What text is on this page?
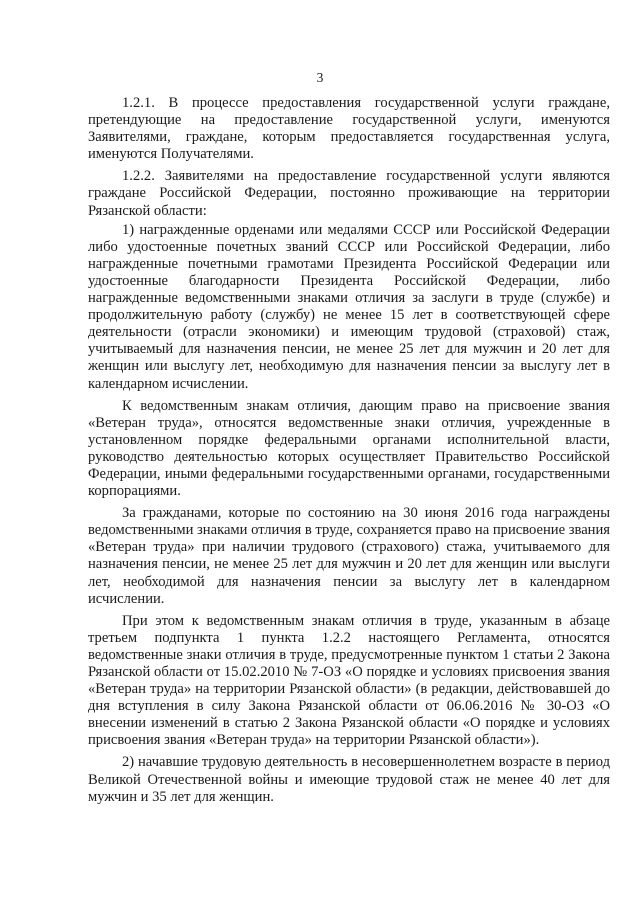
3

1.2.1. В процессе предоставления государственной услуги граждане, претендующие на предоставление государственной услуги, именуются Заявителями, граждане, которым предоставляется государственная услуга, именуются Получателями.

1.2.2. Заявителями на предоставление государственной услуги являются граждане Российской Федерации, постоянно проживающие на территории Рязанской области:

1) награжденные орденами или медалями СССР или Российской Федерации либо удостоенные почетных званий СССР или Российской Федерации, либо награжденные почетными грамотами Президента Российской Федерации или удостоенные благодарности Президента Российской Федерации, либо награжденные ведомственными знаками отличия за заслуги в труде (службе) и продолжительную работу (службу) не менее 15 лет в соответствующей сфере деятельности (отрасли экономики) и имеющим трудовой (страховой) стаж, учитываемый для назначения пенсии, не менее 25 лет для мужчин и 20 лет для женщин или выслугу лет, необходимую для назначения пенсии за выслугу лет в календарном исчислении.

К ведомственным знакам отличия, дающим право на присвоение звания «Ветеран труда», относятся ведомственные знаки отличия, учрежденные в установленном порядке федеральными органами исполнительной власти, руководство деятельностью которых осуществляет Правительство Российской Федерации, иными федеральными государственными органами, государственными корпорациями.

За гражданами, которые по состоянию на 30 июня 2016 года награждены ведомственными знаками отличия в труде, сохраняется право на присвоение звания «Ветеран труда» при наличии трудового (страхового) стажа, учитываемого для назначения пенсии, не менее 25 лет для мужчин и 20 лет для женщин или выслуги лет, необходимой для назначения пенсии за выслугу лет в календарном исчислении.

При этом к ведомственным знакам отличия в труде, указанным в абзаце третьем подпункта 1 пункта 1.2.2 настоящего Регламента, относятся ведомственные знаки отличия в труде, предусмотренные пунктом 1 статьи 2 Закона Рязанской области от 15.02.2010 № 7-ОЗ «О порядке и условиях присвоения звания «Ветеран труда» на территории Рязанской области» (в редакции, действовавшей до дня вступления в силу Закона Рязанской области от 06.06.2016 № 30-ОЗ «О внесении изменений в статью 2 Закона Рязанской области «О порядке и условиях присвоения звания «Ветеран труда» на территории Рязанской области»).

2) начавшие трудовую деятельность в несовершеннолетнем возрасте в период Великой Отечественной войны и имеющие трудовой стаж не менее 40 лет для мужчин и 35 лет для женщин.
